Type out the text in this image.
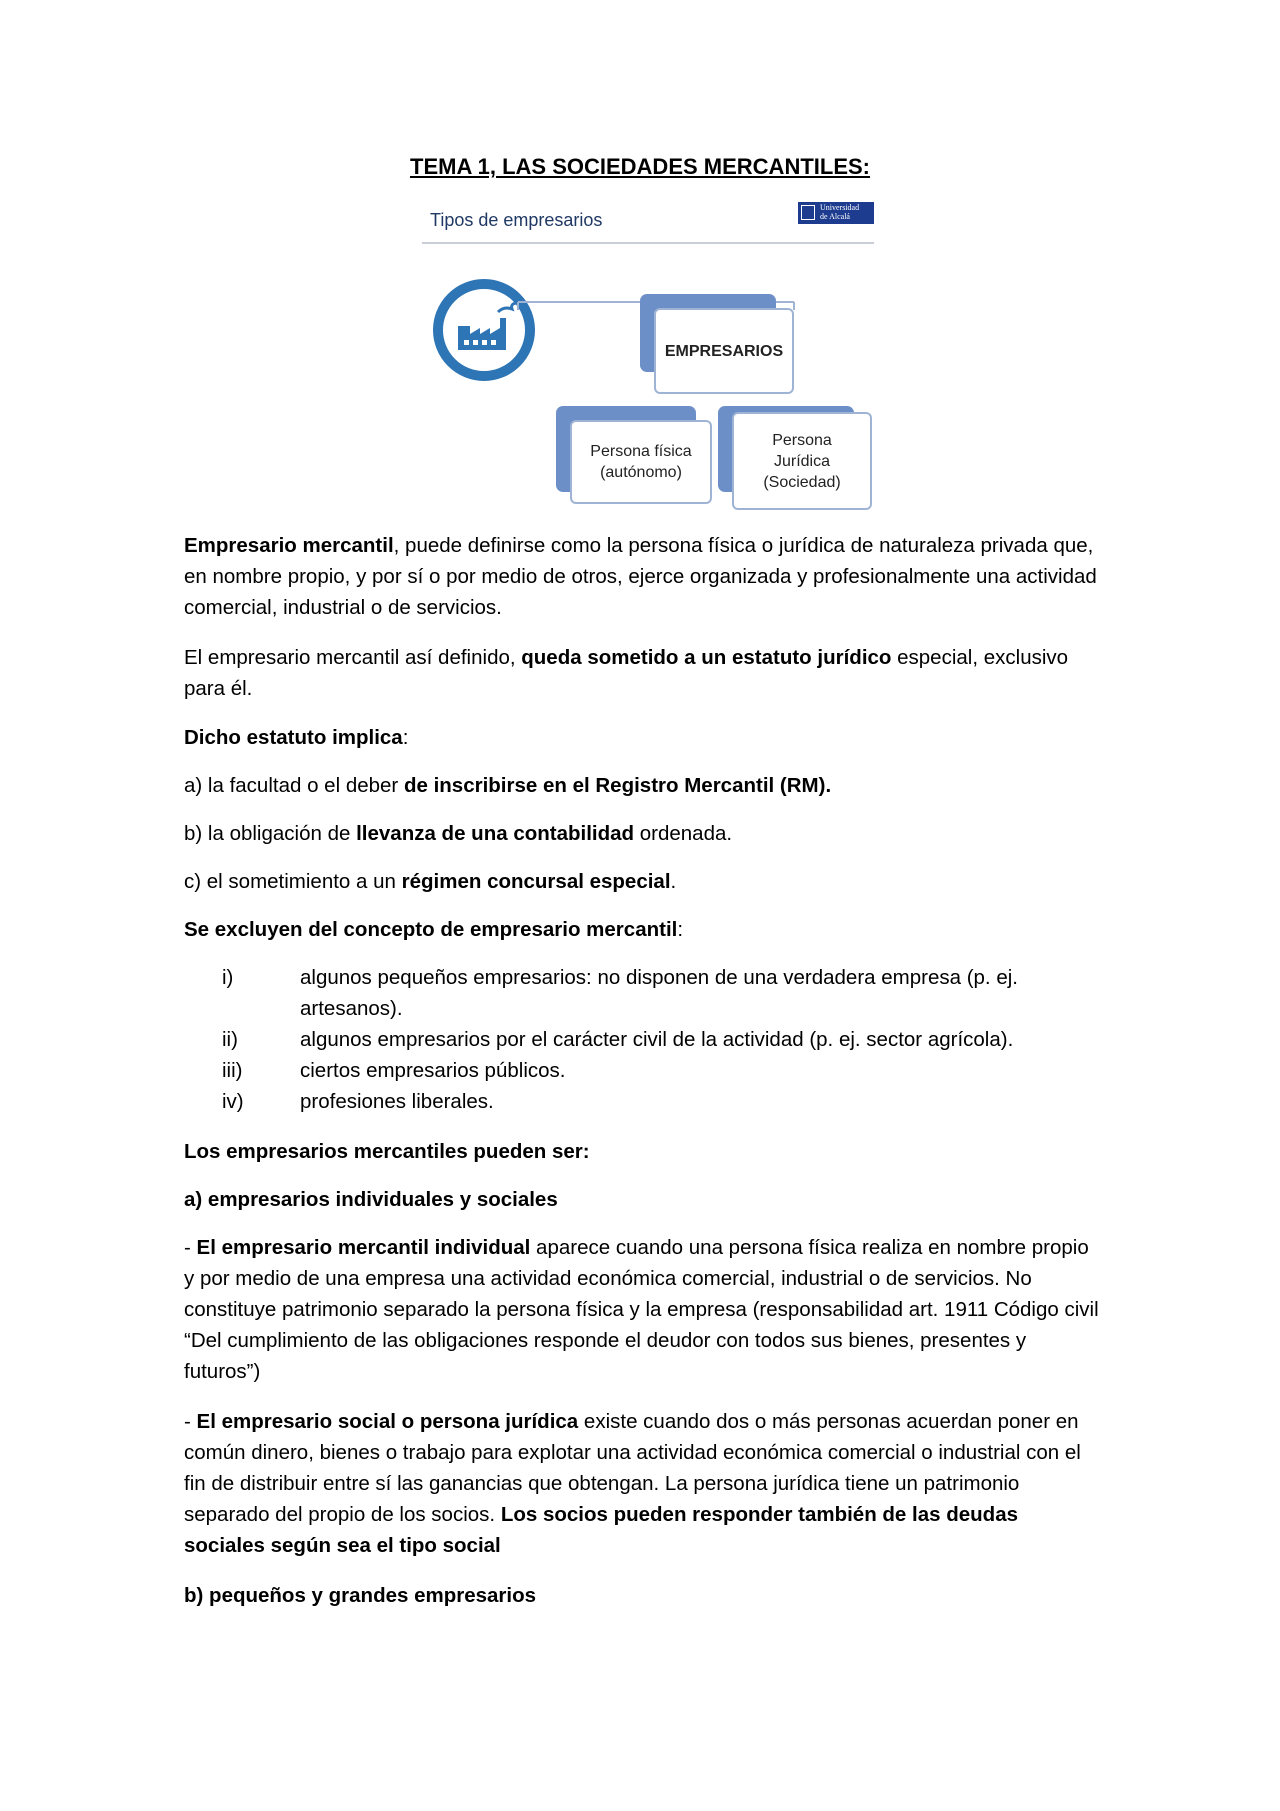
TEMA 1, LAS SOCIEDADES MERCANTILES:
Tipos de empresarios
Universidad
de Alcalá
EMPRESARIOS
Persona física (autónomo)
Persona Jurídica (Sociedad)

Empresario mercantil, puede definirse como la persona física o jurídica de naturaleza privada que, en nombre propio, y por sí o por medio de otros, ejerce organizada y profesionalmente una actividad comercial, industrial o de servicios.

El empresario mercantil así definido, queda sometido a un estatuto jurídico especial, exclusivo para él.

Dicho estatuto implica:

a) la facultad o el deber de inscribirse en el Registro Mercantil (RM).

b) la obligación de llevanza de una contabilidad ordenada.

c) el sometimiento a un régimen concursal especial.

Se excluyen del concepto de empresario mercantil:

i)	algunos pequeños empresarios: no disponen de una verdadera empresa (p. ej. artesanos).
ii)	algunos empresarios por el carácter civil de la actividad (p. ej. sector agrícola).
iii)	ciertos empresarios públicos.
iv)	profesiones liberales.

Los empresarios mercantiles pueden ser:

a) empresarios individuales y sociales

- El empresario mercantil individual aparece cuando una persona física realiza en nombre propio y por medio de una empresa una actividad económica comercial, industrial o de servicios. No constituye patrimonio separado la persona física y la empresa (responsabilidad art. 1911 Código civil “Del cumplimiento de las obligaciones responde el deudor con todos sus bienes, presentes y futuros”)

- El empresario social o persona jurídica existe cuando dos o más personas acuerdan poner en común dinero, bienes o trabajo para explotar una actividad económica comercial o industrial con el fin de distribuir entre sí las ganancias que obtengan. La persona jurídica tiene un patrimonio separado del propio de los socios. Los socios pueden responder también de las deudas sociales según sea el tipo social

b) pequeños y grandes empresarios
